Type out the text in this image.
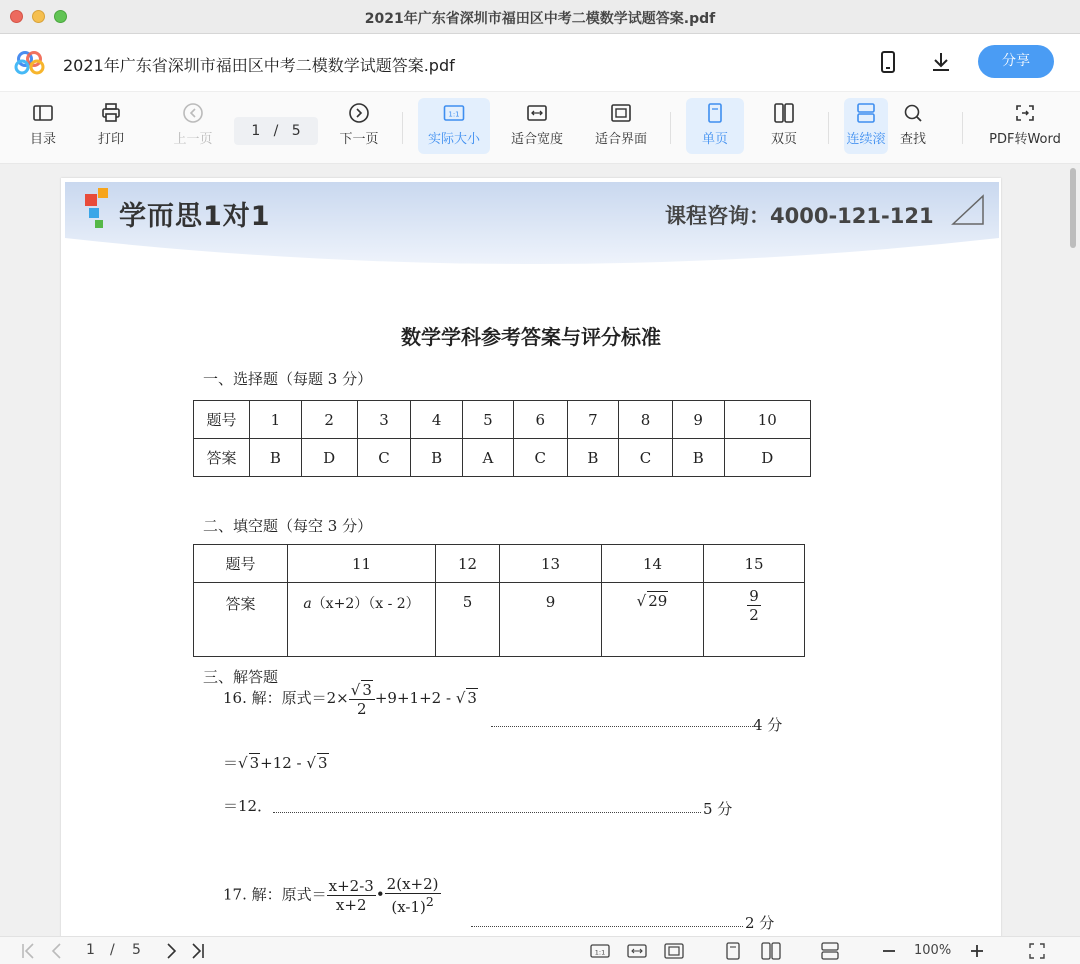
2021年广东省深圳市福田区中考二模数学试题答案.pdf
2021年广东省深圳市福田区中考二模数学试题答案.pdf	分享
目录	打印	上一页
1 / 5
下一页
1:1
实际大小	适合宽度	适合界面	单页	双页	连续滚	查找	PDF转Word
学而思1对1	课程咨询：4000-121-121
数学学科参考答案与评分标准
一、选择题（每题 3 分）
题号	1	2	3	4	5	6	7	8	9	10
答案	B	D	C	B	A	C	B	C	B	D
二、填空题（每空 3 分）
题号	11	12	13	14	15
答案	a（x+2）（x - 2）	5	9	√ 29	$\frac{9}{2}$
三、解答题
16. 解：原式$=2\times \frac{√ 3}{2} +9+1+2$ - √ 3
4 分
＝√ 3+12 - √ 3
＝12．	5 分
17. 解：原式＝ $\frac{x+2-3}{x+2}$ • $\frac{2(x+2)}{(x-1)^2}$
2 分
1 / 5	1:1	100%
